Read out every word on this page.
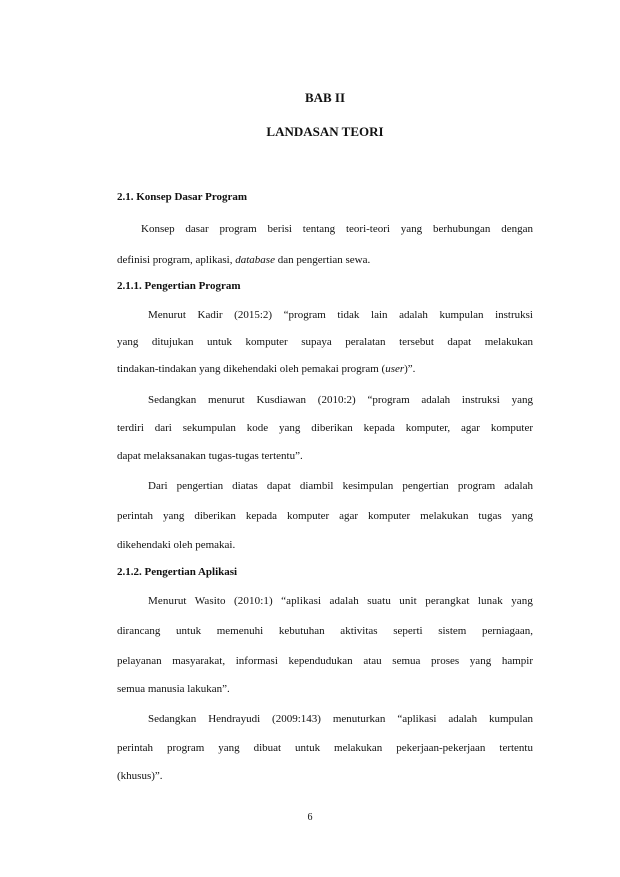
BAB II
LANDASAN TEORI
2.1. Konsep Dasar Program

Konsep dasar program berisi tentang teori-teori yang berhubungan dengan

definisi program, aplikasi, database dan pengertian sewa.

2.1.1. Pengertian Program

Menurut Kadir (2015:2) “program tidak lain adalah kumpulan instruksi

yang ditujukan untuk komputer supaya peralatan tersebut dapat melakukan

tindakan-tindakan yang dikehendaki oleh pemakai program (user)”.

Sedangkan menurut Kusdiawan (2010:2) “program adalah instruksi yang

terdiri dari sekumpulan kode yang diberikan kepada komputer, agar komputer

dapat melaksanakan tugas-tugas tertentu”.

Dari pengertian diatas dapat diambil kesimpulan pengertian program adalah

perintah yang diberikan kepada komputer agar komputer melakukan tugas yang

dikehendaki oleh pemakai.

2.1.2. Pengertian Aplikasi

Menurut Wasito (2010:1) “aplikasi adalah suatu unit perangkat lunak yang

dirancang untuk memenuhi kebutuhan aktivitas seperti sistem perniagaan,

pelayanan masyarakat, informasi kependudukan atau semua proses yang hampir

semua manusia lakukan”.

Sedangkan Hendrayudi (2009:143) menuturkan “aplikasi adalah kumpulan

perintah program yang dibuat untuk melakukan pekerjaan-pekerjaan tertentu

(khusus)”.

6
